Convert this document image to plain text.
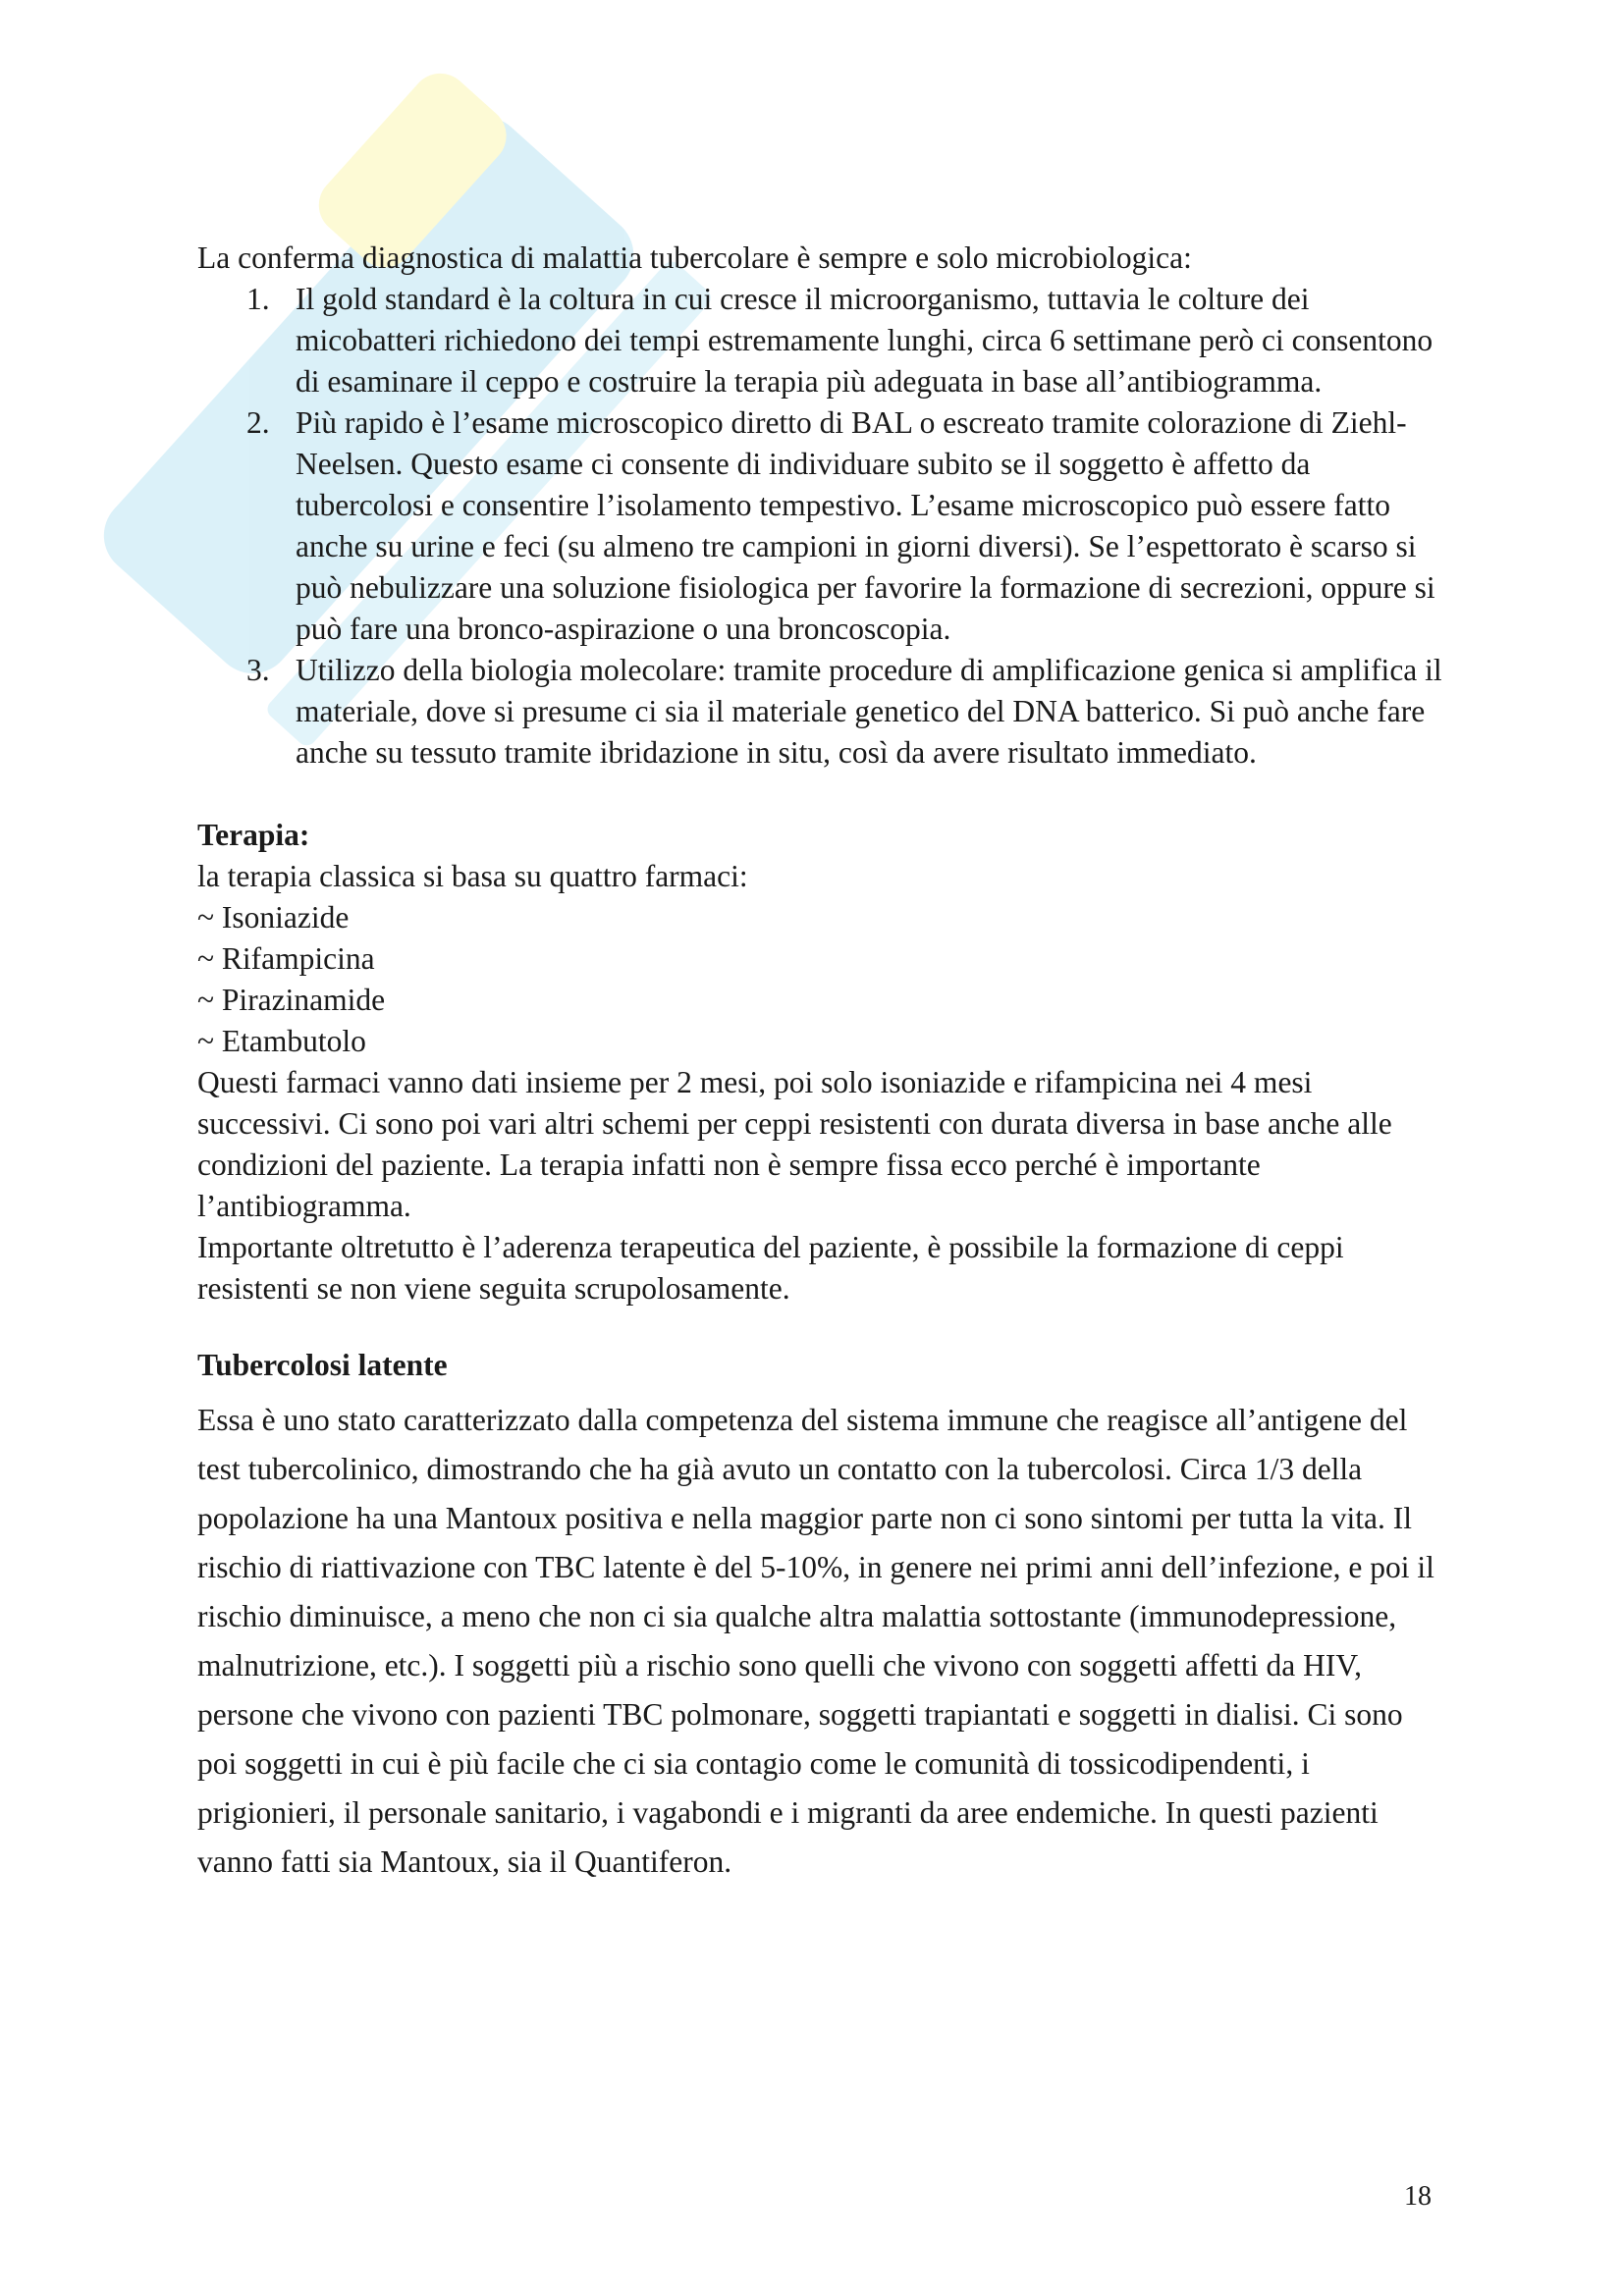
La conferma diagnostica di malattia tubercolare è sempre e solo microbiologica:

1. Il gold standard è la coltura in cui cresce il microorganismo, tuttavia le colture dei micobatteri richiedono dei tempi estremamente lunghi, circa 6 settimane però ci consentono di esaminare il ceppo e costruire la terapia più adeguata in base all’antibiogramma.
2. Più rapido è l’esame microscopico diretto di BAL o escreato tramite colorazione di Ziehl-Neelsen. Questo esame ci consente di individuare subito se il soggetto è affetto da tubercolosi e consentire l’isolamento tempestivo. L’esame microscopico può essere fatto anche su urine e feci (su almeno tre campioni in giorni diversi). Se l’espettorato è scarso si può nebulizzare una soluzione fisiologica per favorire la formazione di secrezioni, oppure si può fare una bronco-aspirazione o una broncoscopia.
3. Utilizzo della biologia molecolare: tramite procedure di amplificazione genica si amplifica il materiale, dove si presume ci sia il materiale genetico del DNA batterico. Si può anche fare anche su tessuto tramite ibridazione in situ, così da avere risultato immediato.
Terapia:

la terapia classica si basa su quattro farmaci:

~ Isoniazide

~ Rifampicina

~ Pirazinamide

~ Etambutolo

Questi farmaci vanno dati insieme per 2 mesi, poi solo isoniazide e rifampicina nei 4 mesi successivi. Ci sono poi vari altri schemi per ceppi resistenti con durata diversa in base anche alle condizioni del paziente. La terapia infatti non è sempre fissa ecco perché è importante l’antibiogramma.

Importante oltretutto è l’aderenza terapeutica del paziente, è possibile la formazione di ceppi resistenti se non viene seguita scrupolosamente.

Tubercolosi latente

Essa è uno stato caratterizzato dalla competenza del sistema immune che reagisce all’antigene del test tubercolinico, dimostrando che ha già avuto un contatto con la tubercolosi. Circa 1/3 della popolazione ha una Mantoux positiva e nella maggior parte non ci sono sintomi per tutta la vita. Il rischio di riattivazione con TBC latente è del 5-10%, in genere nei primi anni dell’infezione, e poi il rischio diminuisce, a meno che non ci sia qualche altra malattia sottostante (immunodepressione, malnutrizione, etc.). I soggetti più a rischio sono quelli che vivono con soggetti affetti da HIV, persone che vivono con pazienti TBC polmonare, soggetti trapiantati e soggetti in dialisi. Ci sono poi soggetti in cui è più facile che ci sia contagio come le comunità di tossicodipendenti, i prigionieri, il personale sanitario, i vagabondi e i migranti da aree endemiche. In questi pazienti vanno fatti sia Mantoux, sia il Quantiferon.

18
